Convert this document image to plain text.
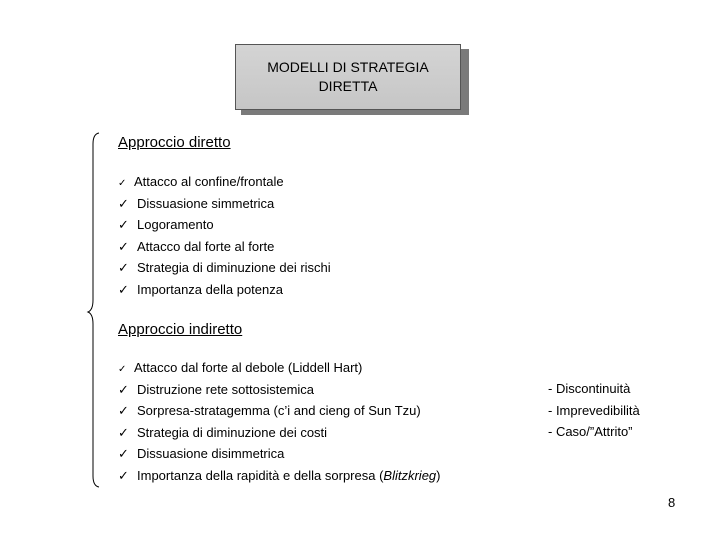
MODELLI DI STRATEGIA
DIRETTA
Approccio diretto
✓ Attacco al confine/frontale
✓ Dissuasione simmetrica
✓ Logoramento
✓ Attacco dal forte al forte
✓ Strategia di diminuzione dei rischi
✓ Importanza della potenza
Approccio indiretto
✓ Attacco dal forte al debole (Liddell Hart)
✓ Distruzione rete sottosistemica
✓ Sorpresa-stratagemma (c’i and cieng of Sun Tzu)
✓ Strategia di diminuzione dei costi
✓ Dissuasione disimmetrica
✓ Importanza della rapidità e della sorpresa (Blitzkrieg)
- Discontinuità
- Imprevedibilità
- Caso/”Attrito”
8
